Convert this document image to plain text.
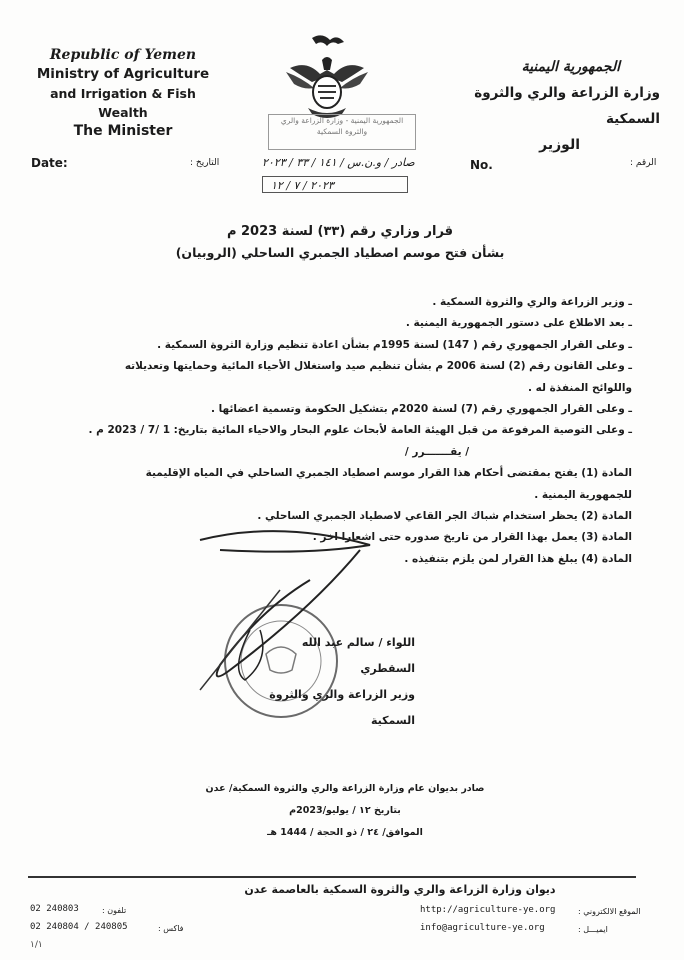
Republic of Yemen
Ministry of Agriculture
and Irrigation & Fish Wealth
The Minister
الجمهورية اليمنية
وزارة الزراعة والري والثروة السمكية
الوزير
الجمهورية اليمنية - وزارة الزراعة والري والثروة السمكية
Date:	التاريخ :	صادر / و.ن.س / ١٤١ / ٣٣ / ٢٠٢٣
٢٠٢٣ / ٧ / ١٢
No.	الرقم :
قرار وزاري رقم (٣٣) لسنة 2023 م
بشأن فتح موسم اصطياد الجمبري الساحلي (الروبيان)
ـ وزير الزراعة والري والثروة السمكية .
ـ بعد الاطلاع على دستور الجمهورية اليمنية .
ـ وعلى القرار الجمهوري رقم ( 147) لسنة 1995م بشأن اعادة تنظيم وزارة الثروة السمكية .
ـ وعلى القانون رقم (2) لسنة 2006 م بشأن تنظيم صيد واستغلال الأحياء المائية وحمايتها وتعديلاته
واللوائح المنفذة له .
ـ وعلى القرار الجمهوري رقم (7) لسنة 2020م بتشكيل الحكومة وتسمية اعضائها .
ـ وعلى التوصية المرفوعة من قبل الهيئة العامة لأبحاث علوم البحار والاحياء المائية بتاريخ: 1 /7 / 2023 م .
/ يقـــــــرر /
المادة (1) يفتح بمقتضى أحكام هذا القرار موسم اصطياد الجمبري الساحلي في المياه الإقليمية
للجمهورية اليمنية .
المادة (2) يحظر استخدام شباك الجر القاعي لاصطياد الجمبري الساحلي .
المادة (3) يعمل بهذا القرار من تاريخ صدوره حتى اشعارا اخر .
المادة (4) يبلغ هذا القرار لمن يلزم بتنفيذه .
اللواء / سالم عبد الله السقطري
وزير الزراعة والري والثروة السمكية
صادر بديوان عام وزارة الزراعة والري والثروة السمكية/ عدن
بتاريخ ١٢ / يوليو/2023م
الموافق/ ٢٤ / ذو الحجة / 1444 هـ
ديوان وزارة الزراعة والري والثروة السمكية بالعاصمة عدن
02 240803	تلفون :
02 240804 / 240805	فاكس :
http://agriculture-ye.org	الموقع الالكتروني :
info@agriculture-ye.org	ايميـــل :
١/١
